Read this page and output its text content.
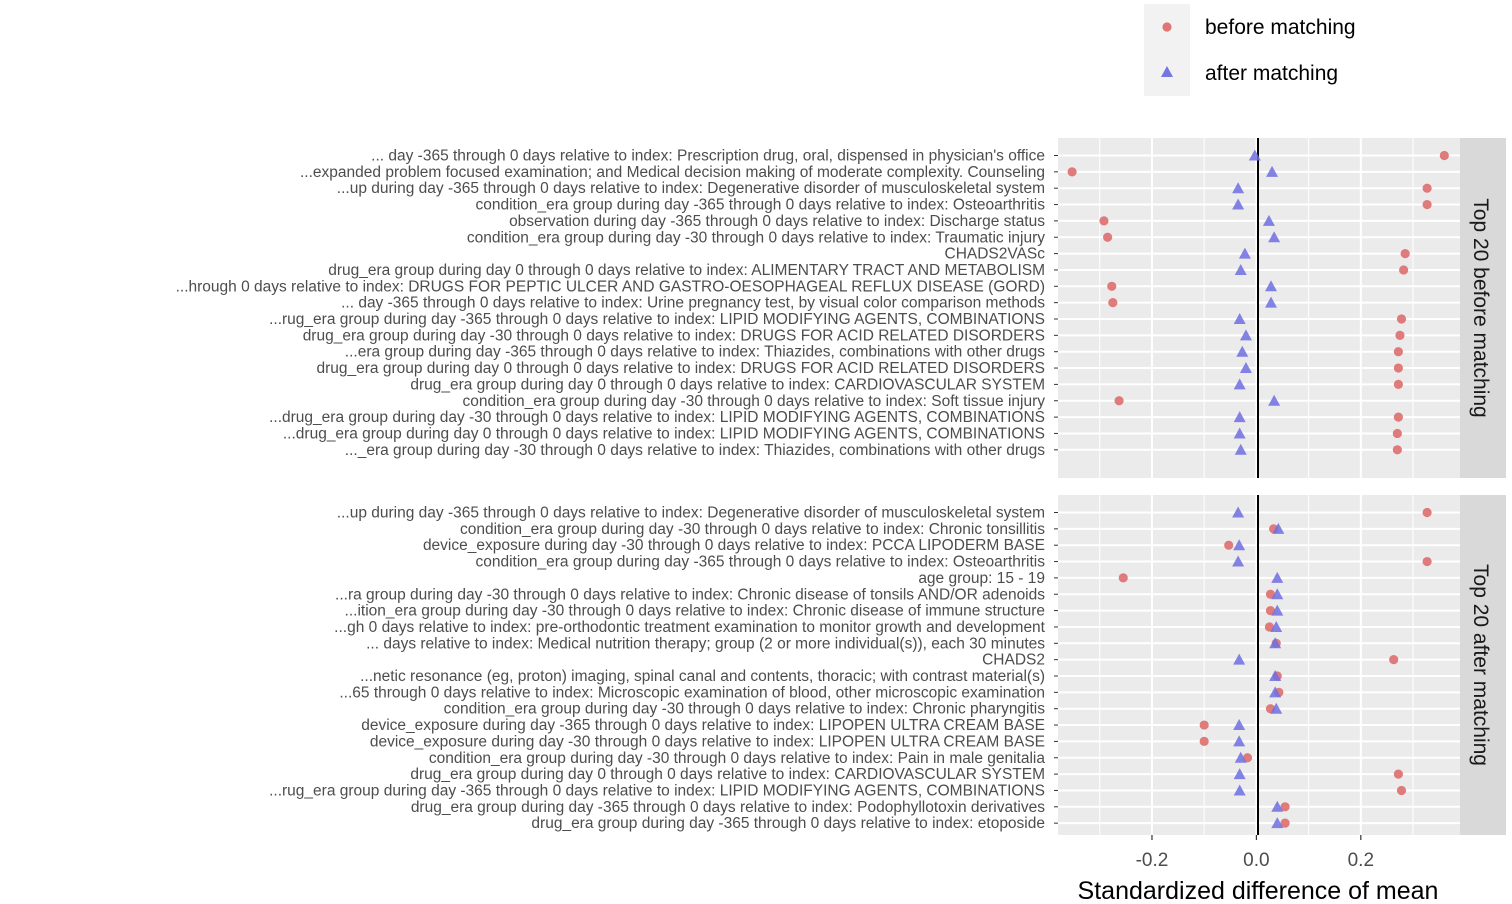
before matching
after matching
... day -365 through 0 days relative to index: Prescription drug, oral, dispensed in physician's office
...expanded problem focused examination; and Medical decision making of moderate complexity. Counseling
...up during day -365 through 0 days relative to index: Degenerative disorder of musculoskeletal system
condition_era group during day -365 through 0 days relative to index: Osteoarthritis
observation during day -365 through 0 days relative to index: Discharge status
condition_era group during day -30 through 0 days relative to index: Traumatic injury
CHADS2VASc
drug_era group during day 0 through 0 days relative to index: ALIMENTARY TRACT AND METABOLISM
...hrough 0 days relative to index: DRUGS FOR PEPTIC ULCER AND GASTRO-OESOPHAGEAL REFLUX DISEASE (GORD)
... day -365 through 0 days relative to index: Urine pregnancy test, by visual color comparison methods
...rug_era group during day -365 through 0 days relative to index: LIPID MODIFYING AGENTS, COMBINATIONS
drug_era group during day -30 through 0 days relative to index: DRUGS FOR ACID RELATED DISORDERS
...era group during day -365 through 0 days relative to index: Thiazides, combinations with other drugs
drug_era group during day 0 through 0 days relative to index: DRUGS FOR ACID RELATED DISORDERS
drug_era group during day 0 through 0 days relative to index: CARDIOVASCULAR SYSTEM
condition_era group during day -30 through 0 days relative to index: Soft tissue injury
...drug_era group during day -30 through 0 days relative to index: LIPID MODIFYING AGENTS, COMBINATIONS
...drug_era group during day 0 through 0 days relative to index: LIPID MODIFYING AGENTS, COMBINATIONS
..._era group during day -30 through 0 days relative to index: Thiazides, combinations with other drugs
Top 20 before matching
...up during day -365 through 0 days relative to index: Degenerative disorder of musculoskeletal system
condition_era group during day -30 through 0 days relative to index: Chronic tonsillitis
device_exposure during day -30 through 0 days relative to index: PCCA LIPODERM BASE
condition_era group during day -365 through 0 days relative to index: Osteoarthritis
age group: 15 - 19
...ra group during day -30 through 0 days relative to index: Chronic disease of tonsils AND/OR adenoids
...ition_era group during day -30 through 0 days relative to index: Chronic disease of immune structure
...gh 0 days relative to index: pre-orthodontic treatment examination to monitor growth and development
... days relative to index: Medical nutrition therapy; group (2 or more individual(s)), each 30 minutes
CHADS2
...netic resonance (eg, proton) imaging, spinal canal and contents, thoracic; with contrast material(s)
...65 through 0 days relative to index: Microscopic examination of blood, other microscopic examination
condition_era group during day -30 through 0 days relative to index: Chronic pharyngitis
device_exposure during day -365 through 0 days relative to index: LIPOPEN ULTRA CREAM BASE
device_exposure during day -30 through 0 days relative to index: LIPOPEN ULTRA CREAM BASE
condition_era group during day -30 through 0 days relative to index: Pain in male genitalia
drug_era group during day 0 through 0 days relative to index: CARDIOVASCULAR SYSTEM
...rug_era group during day -365 through 0 days relative to index: LIPID MODIFYING AGENTS, COMBINATIONS
drug_era group during day -365 through 0 days relative to index: Podophyllotoxin derivatives
drug_era group during day -365 through 0 days relative to index: etoposide
Top 20 after matching
-0.2	0.0	0.2
Standardized difference of mean
